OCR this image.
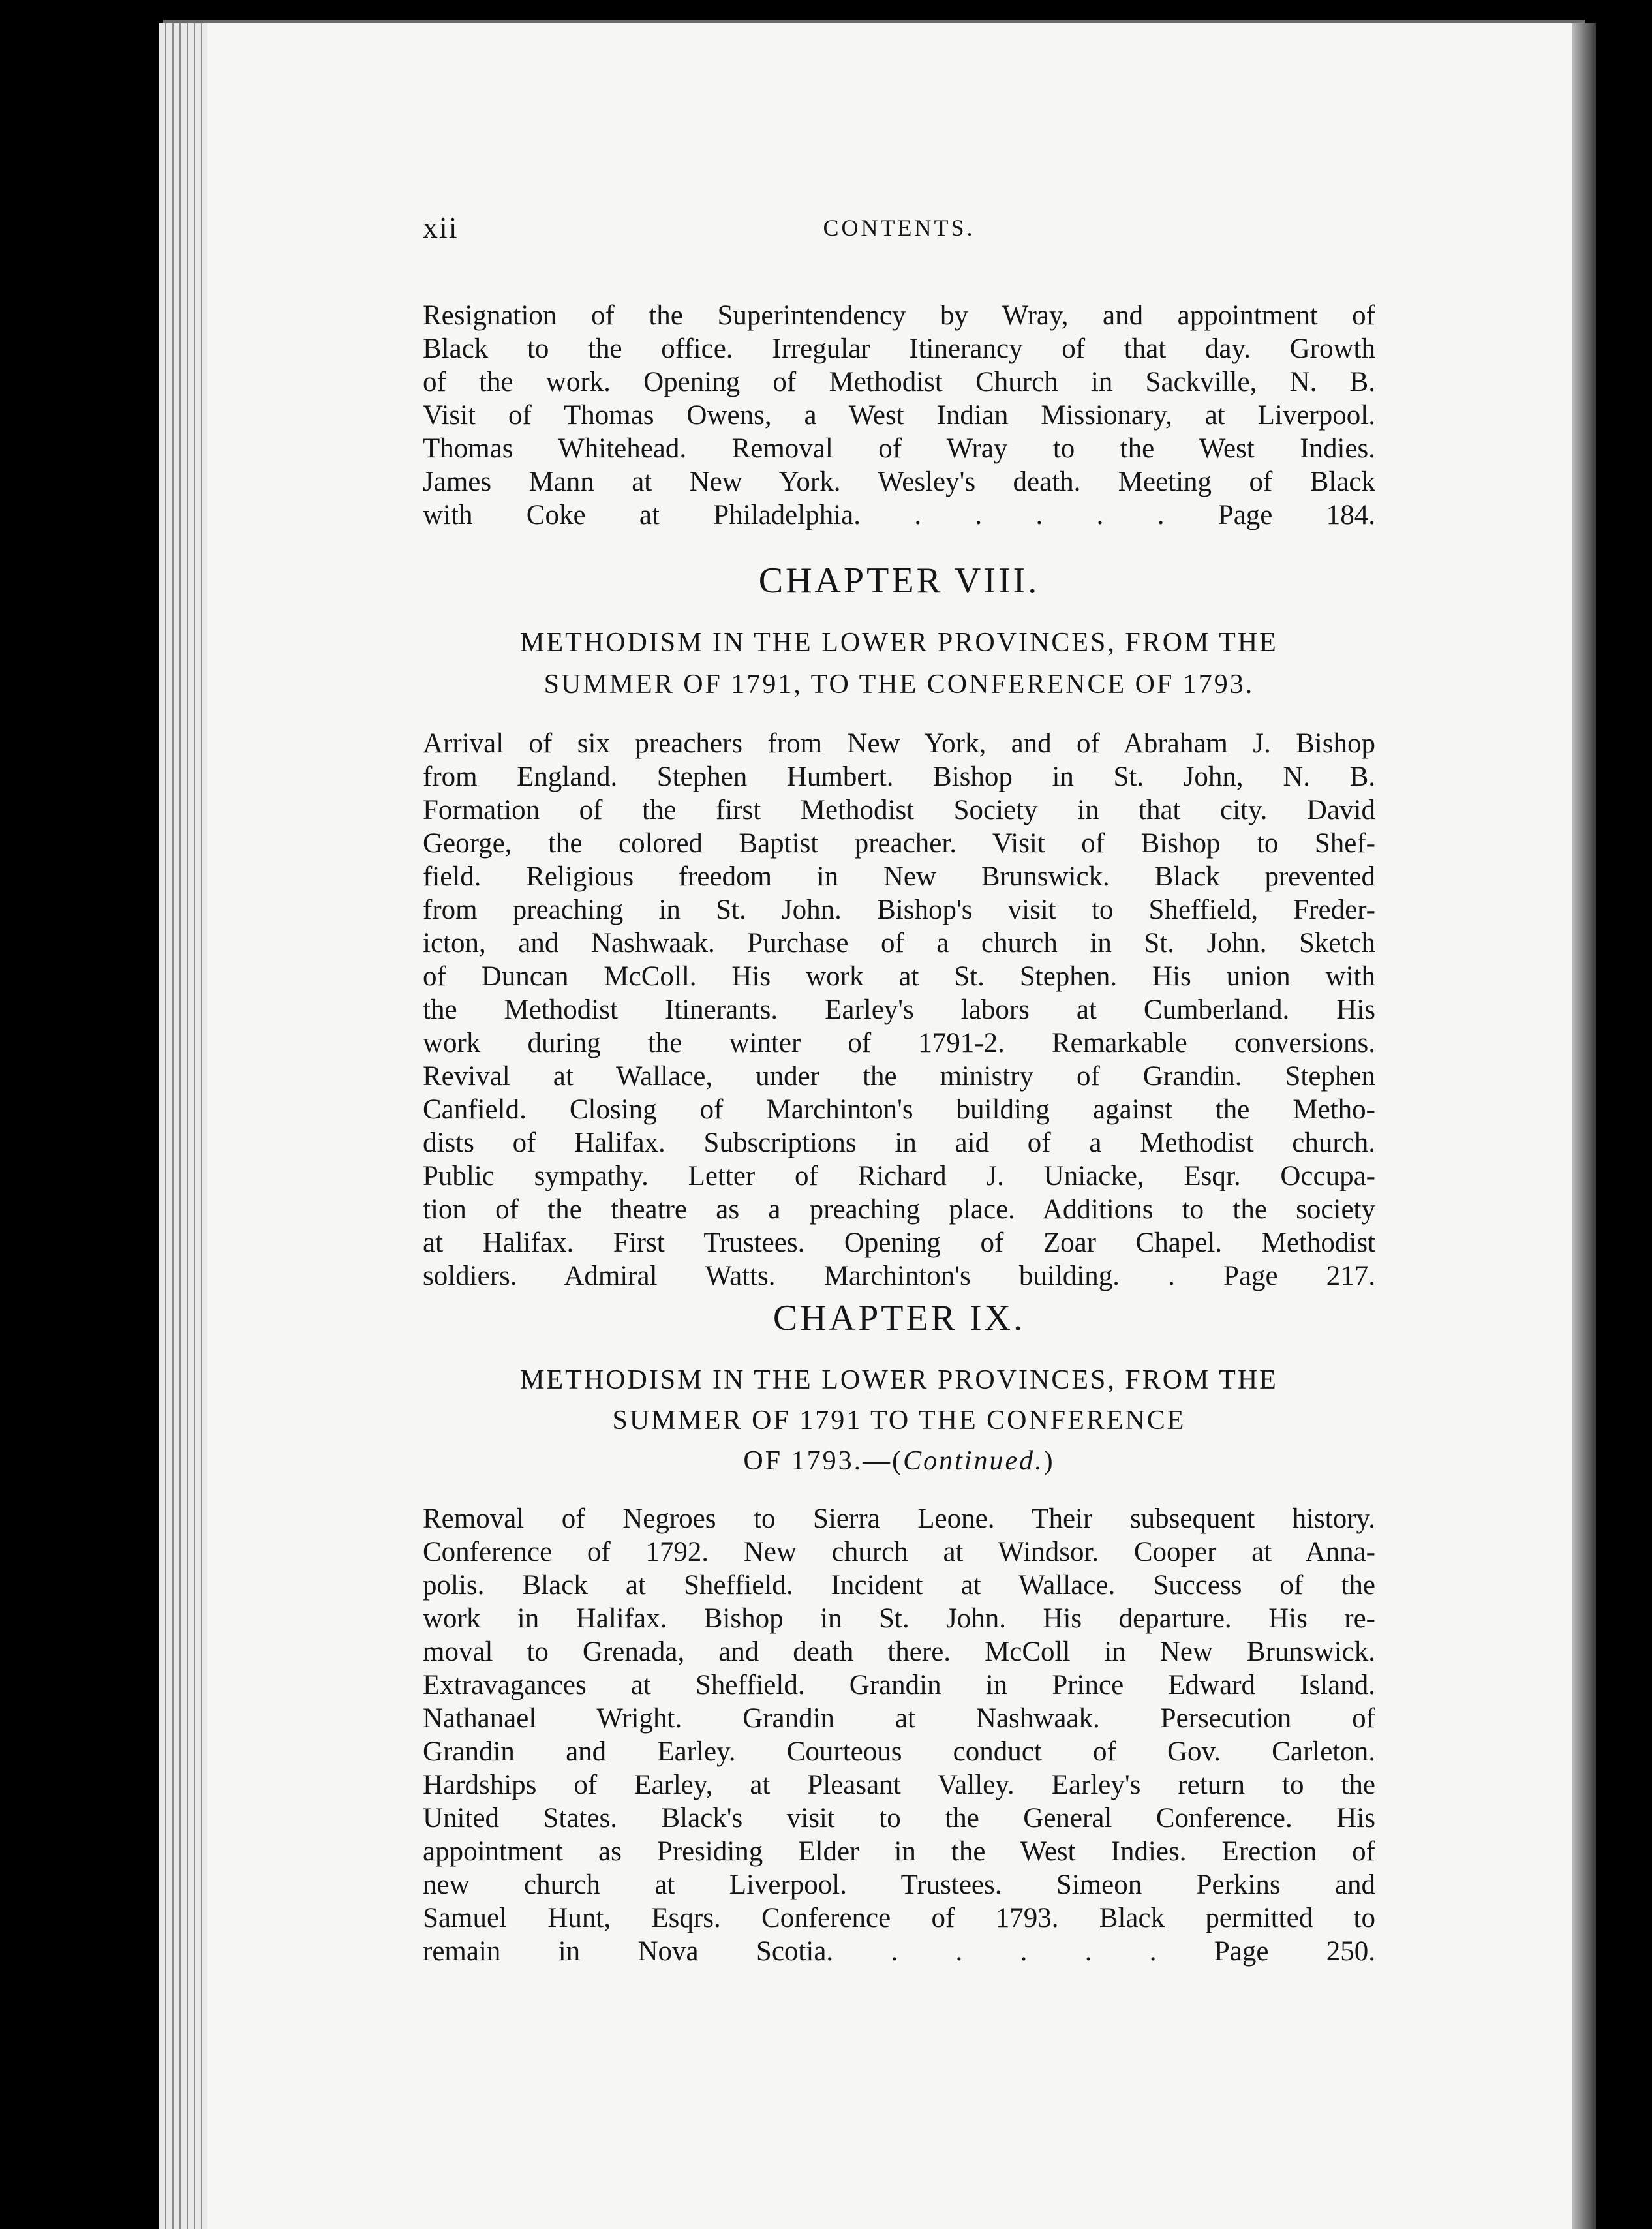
xii	CONTENTS.
Resignation of the Superintendency by Wray, and appointment of
Black to the office. Irregular Itinerancy of that day. Growth
of the work. Opening of Methodist Church in Sackville, N. B.
Visit of Thomas Owens, a West Indian Missionary, at Liverpool.
Thomas Whitehead. Removal of Wray to the West Indies.
James Mann at New York. Wesley's death. Meeting of Black
with Coke at Philadelphia. . . . . . Page 184.
CHAPTER VIII.
METHODISM IN THE LOWER PROVINCES, FROM THE
SUMMER OF 1791, TO THE CONFERENCE OF 1793.
Arrival of six preachers from New York, and of Abraham J. Bishop
from England. Stephen Humbert. Bishop in St. John, N. B.
Formation of the first Methodist Society in that city. David
George, the colored Baptist preacher. Visit of Bishop to Shef-
field. Religious freedom in New Brunswick. Black prevented
from preaching in St. John. Bishop's visit to Sheffield, Freder-
icton, and Nashwaak. Purchase of a church in St. John. Sketch
of Duncan McColl. His work at St. Stephen. His union with
the Methodist Itinerants. Earley's labors at Cumberland. His
work during the winter of 1791-2. Remarkable conversions.
Revival at Wallace, under the ministry of Grandin. Stephen
Canfield. Closing of Marchinton's building against the Metho-
dists of Halifax. Subscriptions in aid of a Methodist church.
Public sympathy. Letter of Richard J. Uniacke, Esqr. Occupa-
tion of the theatre as a preaching place. Additions to the society
at Halifax. First Trustees. Opening of Zoar Chapel. Methodist
soldiers. Admiral Watts. Marchinton's building. . Page 217.
CHAPTER IX.
METHODISM IN THE LOWER PROVINCES, FROM THE
SUMMER OF 1791 TO THE CONFERENCE
OF 1793.—(Continued.)
Removal of Negroes to Sierra Leone. Their subsequent history.
Conference of 1792. New church at Windsor. Cooper at Anna-
polis. Black at Sheffield. Incident at Wallace. Success of the
work in Halifax. Bishop in St. John. His departure. His re-
moval to Grenada, and death there. McColl in New Brunswick.
Extravagances at Sheffield. Grandin in Prince Edward Island.
Nathanael Wright. Grandin at Nashwaak. Persecution of
Grandin and Earley. Courteous conduct of Gov. Carleton.
Hardships of Earley, at Pleasant Valley. Earley's return to the
United States. Black's visit to the General Conference. His
appointment as Presiding Elder in the West Indies. Erection of
new church at Liverpool. Trustees. Simeon Perkins and
Samuel Hunt, Esqrs. Conference of 1793. Black permitted to
remain in Nova Scotia. . . . . . Page 250.
